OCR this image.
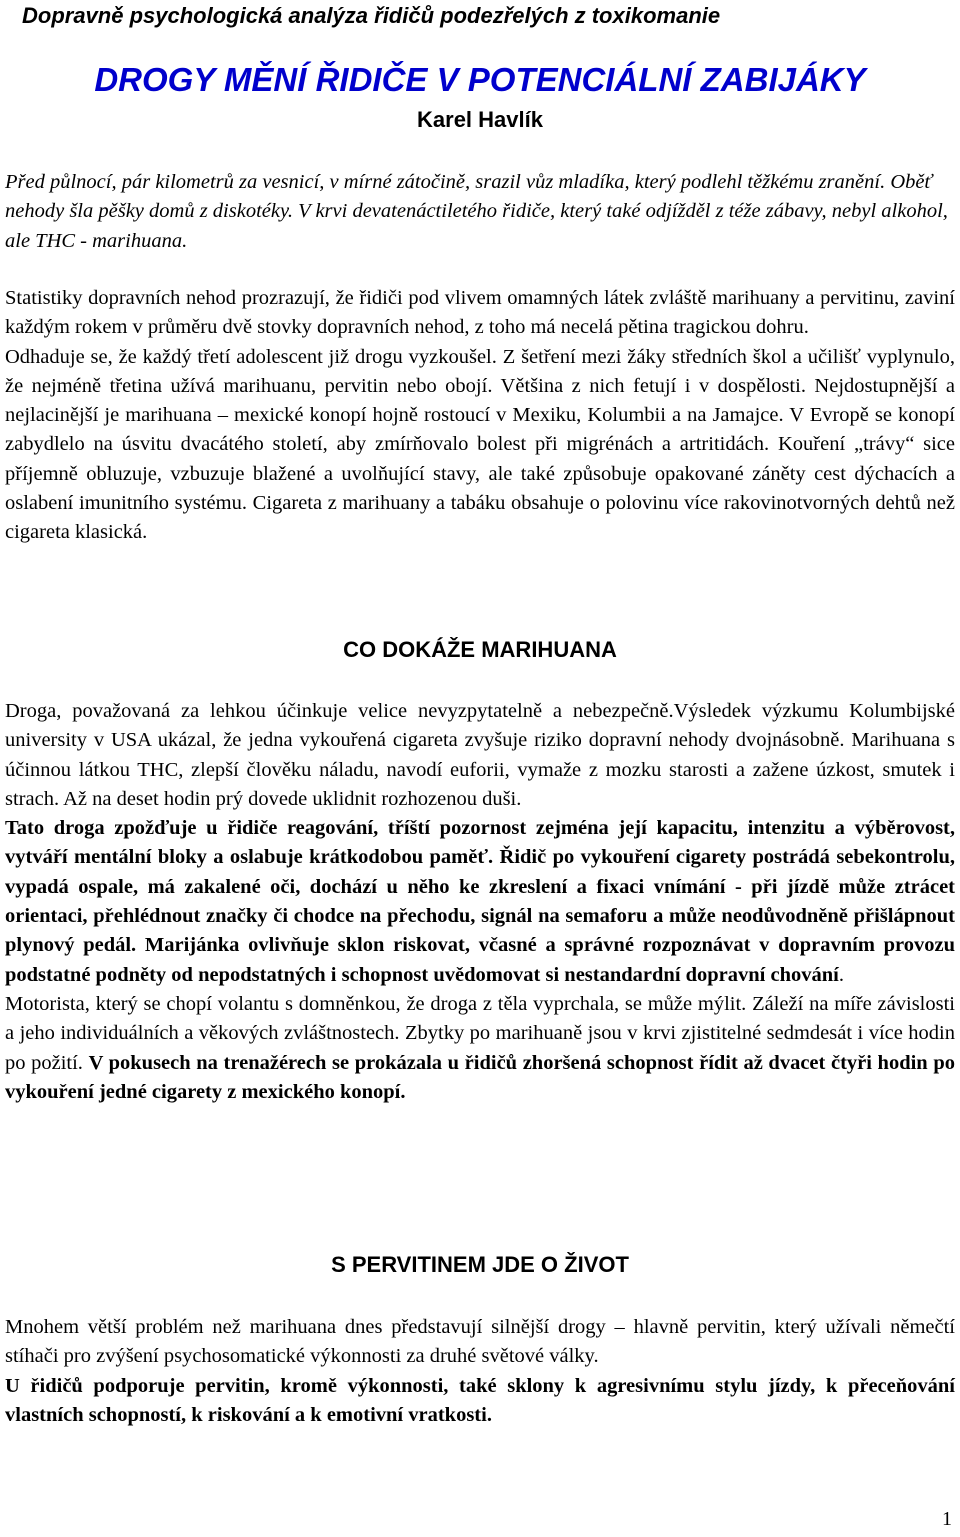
Dopravně psychologická analýza řidičů podezřelých z toxikomanie
DROGY MĚNÍ ŘIDIČE V POTENCIÁLNÍ ZABIJÁKY
Karel Havlík

Před půlnocí, pár kilometrů za vesnicí, v mírné zátočině, srazil vůz mladíka, který podlehl těžkému zranění. Oběť nehody šla pěšky domů z diskotéky. V krvi devatenáctiletého řidiče, který také odjížděl z téže zábavy, nebyl alkohol, ale THC - marihuana.

Statistiky dopravních nehod prozrazují, že řidiči pod vlivem omamných látek zvláště marihuany a pervitinu, zaviní každým rokem v průměru dvě stovky dopravních nehod, z toho má necelá pětina tragickou dohru.
Odhaduje se, že každý třetí adolescent již drogu vyzkoušel. Z šetření mezi žáky středních škol a učilišť vyplynulo, že nejméně třetina užívá marihuanu, pervitin nebo obojí. Většina z nich fetují i v dospělosti. Nejdostupnější a nejlacinější je marihuana – mexické konopí hojně rostoucí v Mexiku, Kolumbii a na Jamajce. V Evropě se konopí zabydlelo na úsvitu dvacátého století, aby zmírňovalo bolest při migrénách a artritidách. Kouření „trávy“ sice příjemně obluzuje, vzbuzuje blažené a uvolňující stavy, ale také způsobuje opakované záněty cest dýchacích a oslabení imunitního systému. Cigareta z marihuany a tabáku obsahuje o polovinu více rakovinotvorných dehtů než cigareta klasická.
CO DOKÁŽE MARIHUANA
Droga, považovaná za lehkou účinkuje velice nevyzpytatelně a nebezpečně.Výsledek výzkumu Kolumbijské university v USA ukázal, že jedna vykouřená cigareta zvyšuje riziko dopravní nehody dvojnásobně. Marihuana s účinnou látkou THC, zlepší člověku náladu, navodí euforii, vymaže z mozku starosti a zažene úzkost, smutek i strach. Až na deset hodin prý dovede uklidnit rozhozenou duši.
Tato droga zpožďuje u řidiče reagování, tříští pozornost zejména její kapacitu, intenzitu a výběrovost, vytváří mentální bloky a oslabuje krátkodobou paměť. Řidič po vykouření cigarety postrádá sebekontrolu, vypadá ospale, má zakalené oči, dochází u něho ke zkreslení a fixaci vnímání - při jízdě může ztrácet orientaci, přehlédnout značky či chodce na přechodu, signál na semaforu a může neodůvodněně přišlápnout plynový pedál. Marijánka ovlivňuje sklon riskovat, včasné a správné rozpoznávat v dopravním provozu podstatné podněty od nepodstatných i schopnost uvědomovat si nestandardní dopravní chování.
Motorista, který se chopí volantu s domněnkou, že droga z těla vyprchala, se může mýlit. Záleží na míře závislosti a jeho individuálních a věkových zvláštnostech. Zbytky po marihuaně jsou v krvi zjistitelné sedmdesát i více hodin po požití. V pokusech na trenažérech se prokázala u řidičů zhoršená schopnost řídit až dvacet čtyři hodin po vykouření jedné cigarety z mexického konopí.
S PERVITINEM JDE O ŽIVOT
Mnohem větší problém než marihuana dnes představují silnější drogy – hlavně pervitin, který užívali němečtí stíhači pro zvýšení psychosomatické výkonnosti za druhé světové války.
U řidičů podporuje pervitin, kromě výkonnosti, také sklony k agresivnímu stylu jízdy, k přeceňování vlastních schopností, k riskování a k emotivní vratkosti.
1
